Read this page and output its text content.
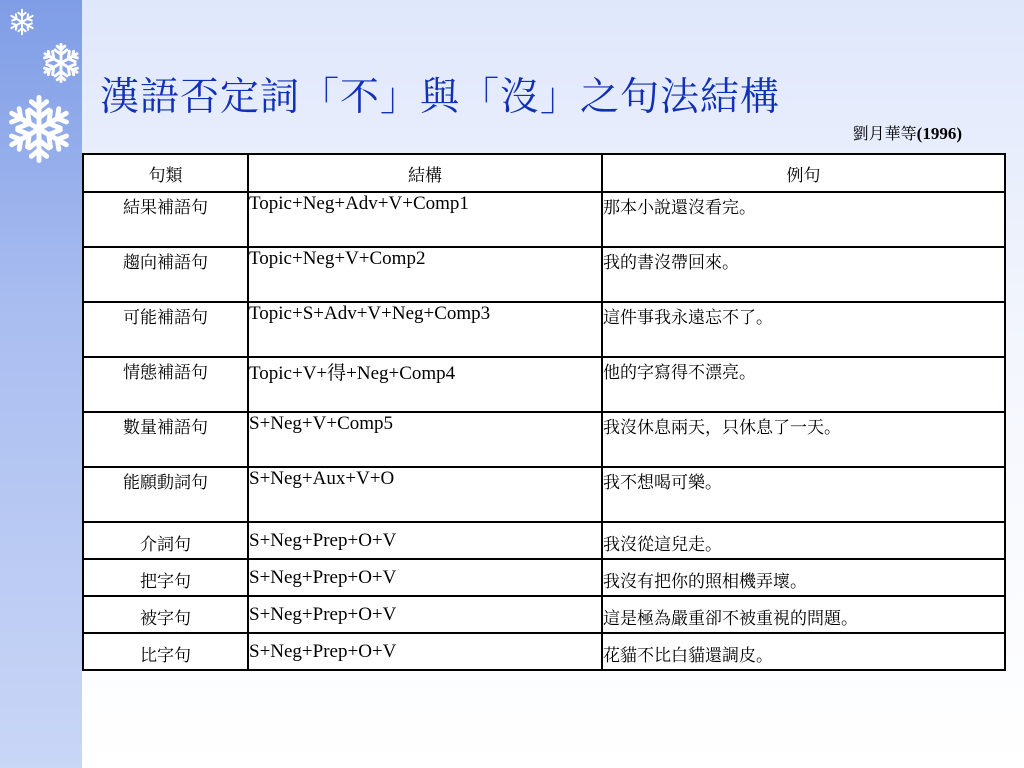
漢語否定詞「不」與「沒」之句法結構
劉月華等(1996)
句類	結構	例句
結果補語句	Topic+Neg+Adv+V+Comp1	那本小說還沒看完。
趨向補語句	Topic+Neg+V+Comp2	我的書沒帶回來。
可能補語句	Topic+S+Adv+V+Neg+Comp3	這件事我永遠忘不了。
情態補語句	Topic+V+得+Neg+Comp4	他的字寫得不漂亮。
數量補語句	S+Neg+V+Comp5	我沒休息兩天，只休息了一天。
能願動詞句	S+Neg+Aux+V+O	我不想喝可樂。
介詞句	S+Neg+Prep+O+V	我沒從這兒走。
把字句	S+Neg+Prep+O+V	我沒有把你的照相機弄壞。
被字句	S+Neg+Prep+O+V	這是極為嚴重卻不被重視的問題。
比字句	S+Neg+Prep+O+V	花貓不比白貓還調皮。
